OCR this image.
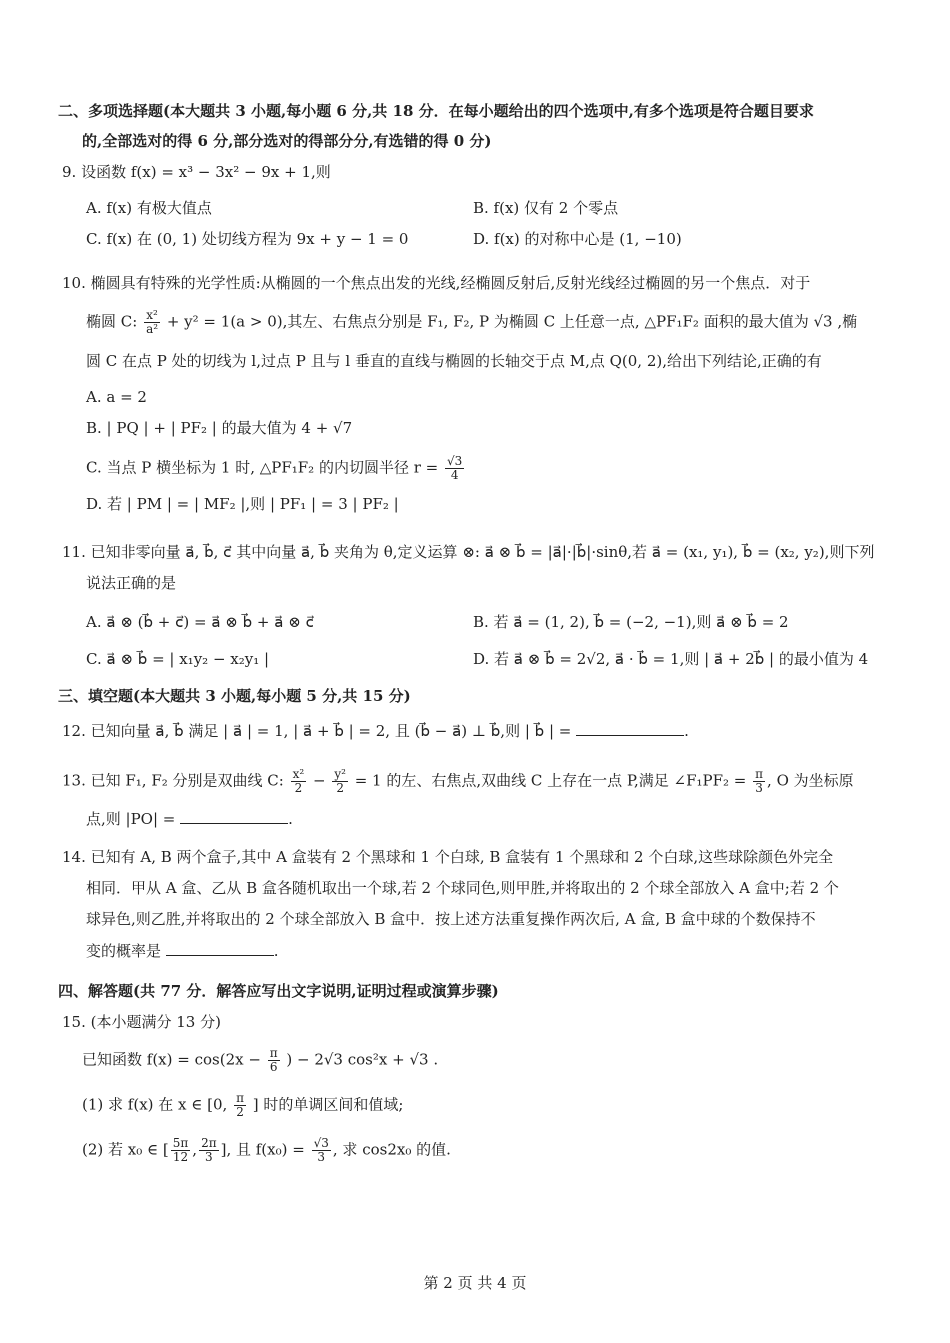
二、多项选择题(本大题共 3 小题,每小题 6 分,共 18 分．在每小题给出的四个选项中,有多个选项是符合题目要求
的,全部选对的得 6 分,部分选对的得部分分,有选错的得 0 分)
9. 设函数 f(x) = x³ − 3x² − 9x + 1,则
A. f(x) 有极大值点	B. f(x) 仅有 2 个零点
C. f(x) 在 (0, 1) 处切线方程为 9x + y − 1 = 0	D. f(x) 的对称中心是 (1, −10)
10. 椭圆具有特殊的光学性质:从椭圆的一个焦点出发的光线,经椭圆反射后,反射光线经过椭圆的另一个焦点．对于
椭圆 C: $\frac{\text{x²}}{\text{a²}} + y^2 = 1(a > 0)$,其左、右焦点分别是 F₁, F₂, P 为椭圆 C 上任意一点, △PF₁F₂ 面积的最大值为 √3 ,椭
圆 C 在点 P 处的切线为 l,过点 P 且与 l 垂直的直线与椭圆的长轴交于点 M,点 Q(0, 2),给出下列结论,正确的有
A. a = 2
B. | PQ | + | PF₂ | 的最大值为 4 + √7
C. 当点 P 横坐标为 1 时, △PF₁F₂ 的内切圆半径 $r = \frac{√3}{4}$
D. 若 | PM | = | MF₂ |,则 | PF₁ | = 3 | PF₂ |
11. 已知非零向量 a⃗, b⃗, c⃗ 其中向量 a⃗, b⃗ 夹角为 θ,定义运算 ⊗: a⃗ ⊗ b⃗ = |a⃗|·|b⃗|·sinθ,若 a⃗ = (x₁, y₁), b⃗ = (x₂, y₂),则下列
说法正确的是
A. a⃗ ⊗ (b⃗ + c⃗) = a⃗ ⊗ b⃗ + a⃗ ⊗ c⃗	B. 若 a⃗ = (1, 2), b⃗ = (−2, −1),则 a⃗ ⊗ b⃗ = 2
C. a⃗ ⊗ b⃗ = | x₁y₂ − x₂y₁ |	D. 若 a⃗ ⊗ b⃗ = 2√2, a⃗ · b⃗ = 1,则 | a⃗ + 2b⃗ | 的最小值为 4
三、填空题(本大题共 3 小题,每小题 5 分,共 15 分)
12. 已知向量 a⃗, b⃗ 满足 | a⃗ | = 1, | a⃗ + b⃗ | = 2, 且 (b⃗ − a⃗) ⊥ b⃗,则 | b⃗ | =	.
13. 已知 F₁, F₂ 分别是双曲线 C: $\frac{\text{x²}}{2} - \frac{\text{y²}}{2} = 1$ 的左、右焦点,双曲线 C 上存在一点 P,满足 ∠F₁PF₂ = $\frac{\pi}{3}$ , O 为坐标原
点,则 |PO| =	.
14. 已知有 A, B 两个盒子,其中 A 盒装有 2 个黑球和 1 个白球, B 盒装有 1 个黑球和 2 个白球,这些球除颜色外完全
相同．甲从 A 盒、乙从 B 盒各随机取出一个球,若 2 个球同色,则甲胜,并将取出的 2 个球全部放入 A 盒中;若 2 个
球异色,则乙胜,并将取出的 2 个球全部放入 B 盒中．按上述方法重复操作两次后, A 盒, B 盒中球的个数保持不
变的概率是	.
四、解答题(共 77 分．解答应写出文字说明,证明过程或演算步骤)
15. (本小题满分 13 分)
已知函数 $f(x) = \cos(2x - \frac{\pi}{6}$ ) − 2√3 cos²x + √3 .
(1) 求 f(x) 在 x ∈ [0, $\frac{\pi}{2}$ ] 时的单调区间和值域;
(2) 若 x₀ ∈ [ $\frac{5\pi}{12}$ , $\frac{2\pi}{3}$ ], 且 $f(x_0) = \frac{√3}{3}$ , 求 cos2x₀ 的值.
第 2 页 共 4 页
